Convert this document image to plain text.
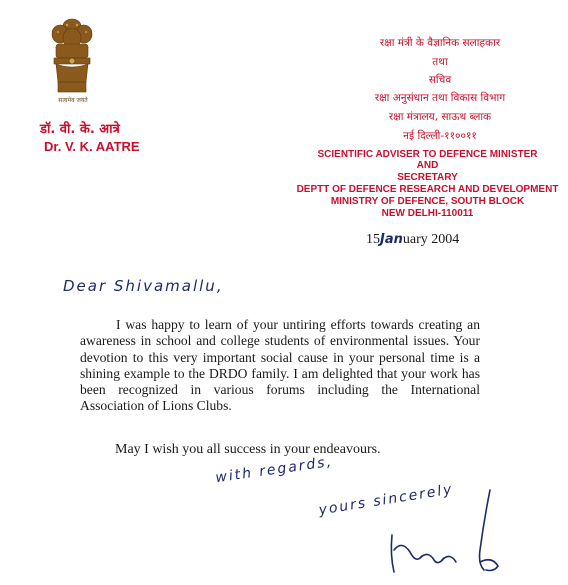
सत्यमेव जयते
डॉ. वी. के. आत्रे
Dr. V. K. AATRE
रक्षा मंत्री के वैज्ञानिक सलाहकार
तथा
सचिव
रक्षा अनुसंधान तथा विकास विभाग
रक्षा मंत्रालय, साऊथ ब्लाक
नई दिल्ली-११००११
SCIENTIFIC ADVISER TO DEFENCE MINISTER
AND
SECRETARY
DEPTT OF DEFENCE RESEARCH AND DEVELOPMENT
MINISTRY OF DEFENCE, SOUTH BLOCK
NEW DELHI-110011
15January 2004
Dear Shivamallu,
I was happy to learn of your untiring efforts towards creating an awareness in school and college students of environmental issues. Your devotion to this very important social cause in your personal time is a shining example to the DRDO family. I am delighted that your work has been recognized in various forums including the International Association of Lions Clubs.
May I wish you all success in your endeavours.
with regards,
yours sincerely
